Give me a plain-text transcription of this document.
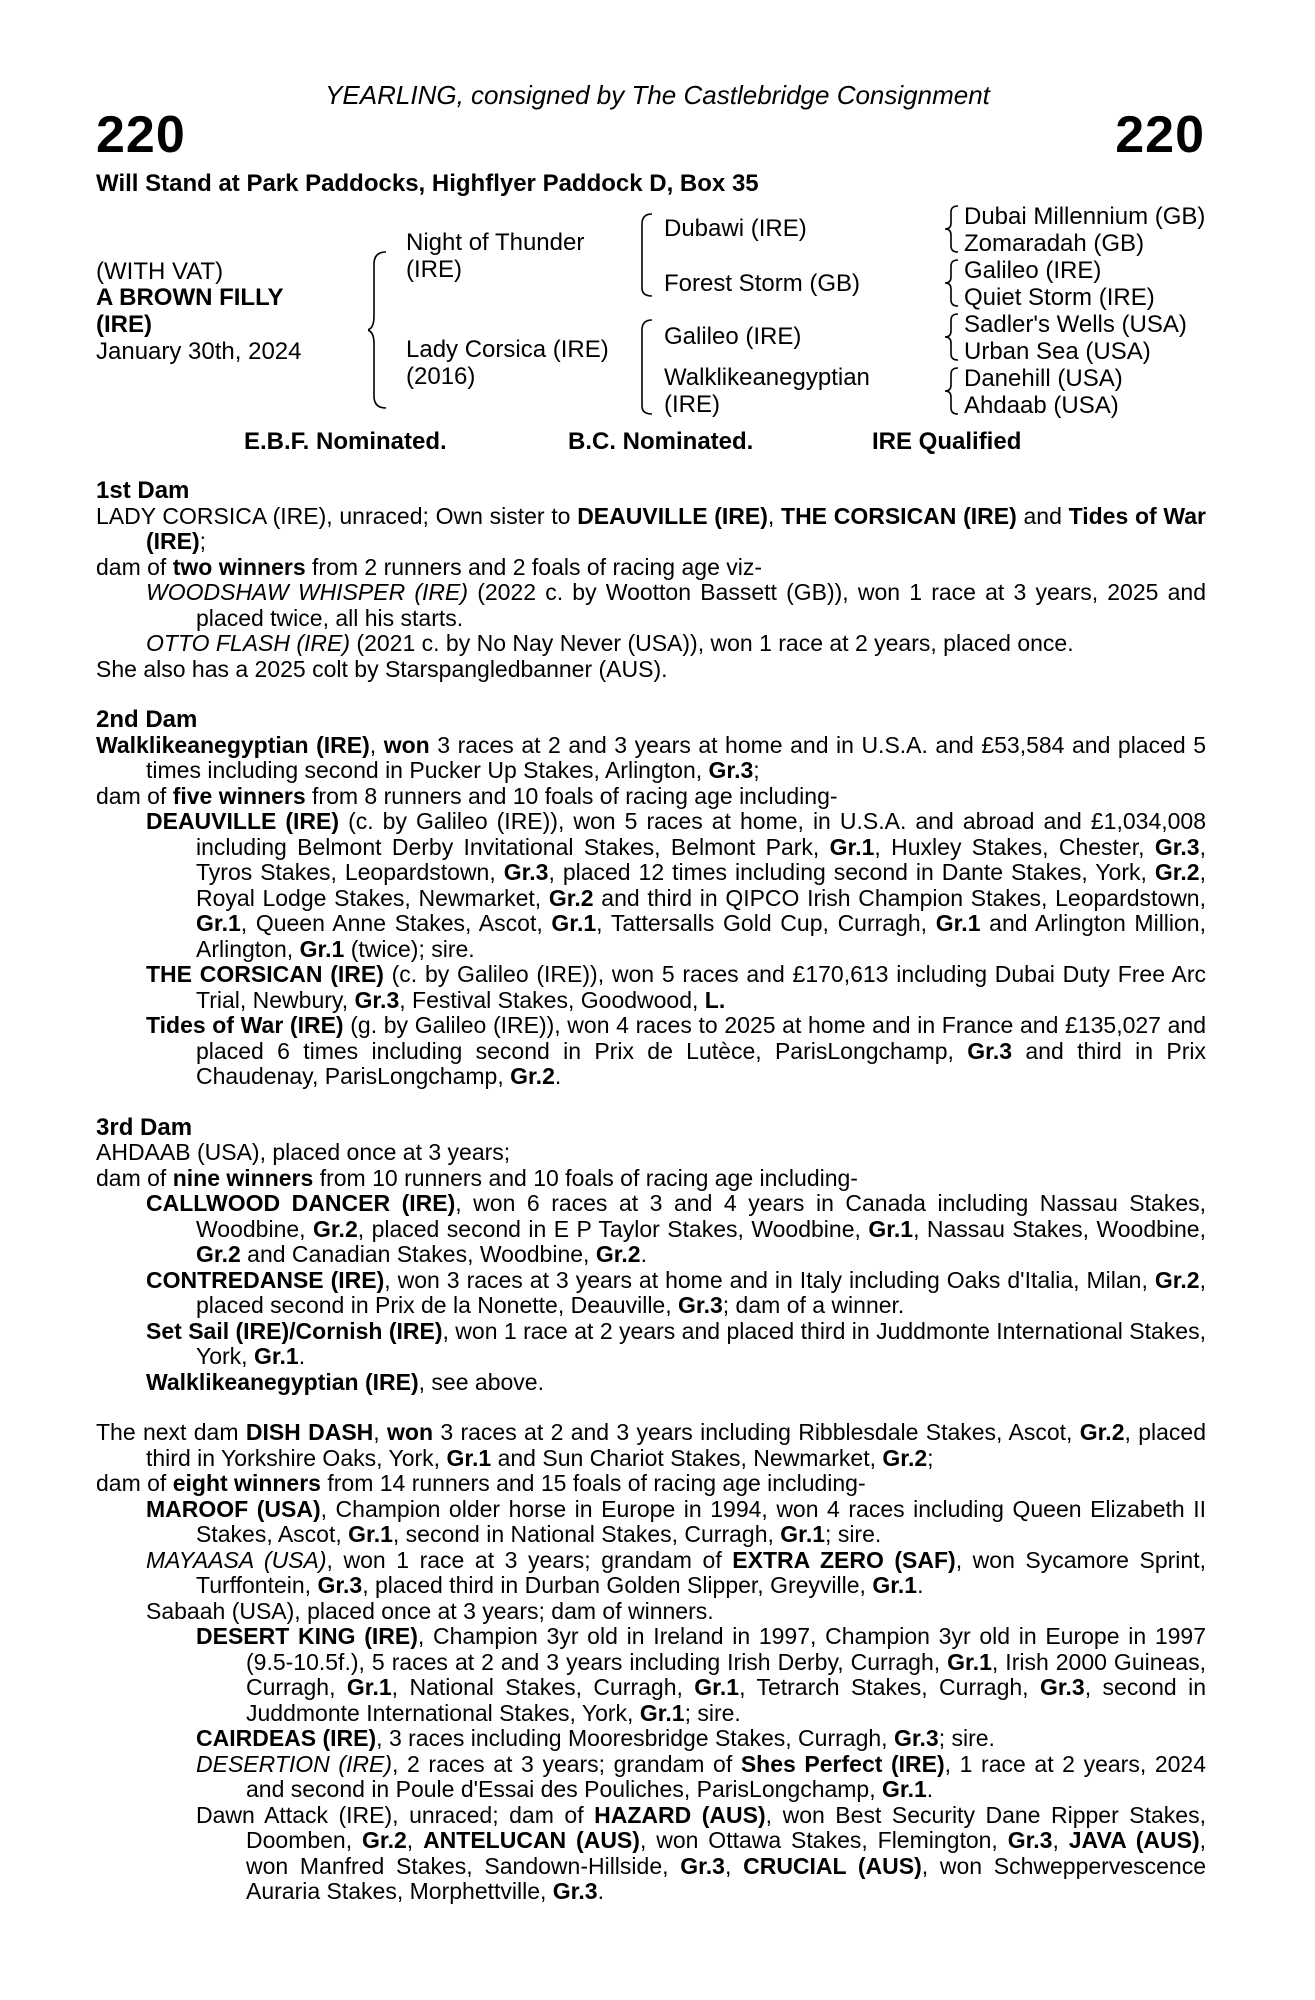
YEARLING, consigned by The Castlebridge Consignment
220	220
Will Stand at Park Paddocks, Highflyer Paddock D, Box 35
(WITH VAT)
A BROWN FILLY
(IRE)
January 30th, 2024
Night of Thunder
(IRE)
Lady Corsica (IRE)
(2016)
Dubawi (IRE)
Forest Storm (GB)
Galileo (IRE)
Walklikeanegyptian
(IRE)
Dubai Millennium (GB)
Zomaradah (GB)
Galileo (IRE)
Quiet Storm (IRE)
Sadler's Wells (USA)
Urban Sea (USA)
Danehill (USA)
Ahdaab (USA)
E.B.F. Nominated.	B.C. Nominated.	IRE Qualified
1st Dam

LADY CORSICA (IRE), unraced; Own sister to DEAUVILLE (IRE), THE CORSICAN (IRE) and Tides of War (IRE);

dam of two winners from 2 runners and 2 foals of racing age viz-

WOODSHAW WHISPER (IRE) (2022 c. by Wootton Bassett (GB)), won 1 race at 3 years, 2025 and placed twice, all his starts.

OTTO FLASH (IRE) (2021 c. by No Nay Never (USA)), won 1 race at 2 years, placed once.

She also has a 2025 colt by Starspangledbanner (AUS).

2nd Dam

Walklikeanegyptian (IRE), won 3 races at 2 and 3 years at home and in U.S.A. and £53,584 and placed 5 times including second in Pucker Up Stakes, Arlington, Gr.3;

dam of five winners from 8 runners and 10 foals of racing age including-

DEAUVILLE (IRE) (c. by Galileo (IRE)), won 5 races at home, in U.S.A. and abroad and £1,034,008 including Belmont Derby Invitational Stakes, Belmont Park, Gr.1, Huxley Stakes, Chester, Gr.3, Tyros Stakes, Leopardstown, Gr.3, placed 12 times including second in Dante Stakes, York, Gr.2, Royal Lodge Stakes, Newmarket, Gr.2 and third in QIPCO Irish Champion Stakes, Leopardstown, Gr.1, Queen Anne Stakes, Ascot, Gr.1, Tattersalls Gold Cup, Curragh, Gr.1 and Arlington Million, Arlington, Gr.1 (twice); sire.

THE CORSICAN (IRE) (c. by Galileo (IRE)), won 5 races and £170,613 including Dubai Duty Free Arc Trial, Newbury, Gr.3, Festival Stakes, Goodwood, L.

Tides of War (IRE) (g. by Galileo (IRE)), won 4 races to 2025 at home and in France and £135,027 and placed 6 times including second in Prix de Lutèce, ParisLongchamp, Gr.3 and third in Prix Chaudenay, ParisLongchamp, Gr.2.

3rd Dam

AHDAAB (USA), placed once at 3 years;

dam of nine winners from 10 runners and 10 foals of racing age including-

CALLWOOD DANCER (IRE), won 6 races at 3 and 4 years in Canada including Nassau Stakes, Woodbine, Gr.2, placed second in E P Taylor Stakes, Woodbine, Gr.1, Nassau Stakes, Woodbine, Gr.2 and Canadian Stakes, Woodbine, Gr.2.

CONTREDANSE (IRE), won 3 races at 3 years at home and in Italy including Oaks d'Italia, Milan, Gr.2, placed second in Prix de la Nonette, Deauville, Gr.3; dam of a winner.

Set Sail (IRE)/Cornish (IRE), won 1 race at 2 years and placed third in Juddmonte International Stakes, York, Gr.1.

Walklikeanegyptian (IRE), see above.

The next dam DISH DASH, won 3 races at 2 and 3 years including Ribblesdale Stakes, Ascot, Gr.2, placed third in Yorkshire Oaks, York, Gr.1 and Sun Chariot Stakes, Newmarket, Gr.2;

dam of eight winners from 14 runners and 15 foals of racing age including-

MAROOF (USA), Champion older horse in Europe in 1994, won 4 races including Queen Elizabeth II Stakes, Ascot, Gr.1, second in National Stakes, Curragh, Gr.1; sire.

MAYAASA (USA), won 1 race at 3 years; grandam of EXTRA ZERO (SAF), won Sycamore Sprint, Turffontein, Gr.3, placed third in Durban Golden Slipper, Greyville, Gr.1.

Sabaah (USA), placed once at 3 years; dam of winners.

DESERT KING (IRE), Champion 3yr old in Ireland in 1997, Champion 3yr old in Europe in 1997 (9.5-10.5f.), 5 races at 2 and 3 years including Irish Derby, Curragh, Gr.1, Irish 2000 Guineas, Curragh, Gr.1, National Stakes, Curragh, Gr.1, Tetrarch Stakes, Curragh, Gr.3, second in Juddmonte International Stakes, York, Gr.1; sire.

CAIRDEAS (IRE), 3 races including Mooresbridge Stakes, Curragh, Gr.3; sire.

DESERTION (IRE), 2 races at 3 years; grandam of Shes Perfect (IRE), 1 race at 2 years, 2024 and second in Poule d'Essai des Pouliches, ParisLongchamp, Gr.1.

Dawn Attack (IRE), unraced; dam of HAZARD (AUS), won Best Security Dane Ripper Stakes, Doomben, Gr.2, ANTELUCAN (AUS), won Ottawa Stakes, Flemington, Gr.3, JAVA (AUS), won Manfred Stakes, Sandown-Hillside, Gr.3, CRUCIAL (AUS), won Schweppervescence Auraria Stakes, Morphettville, Gr.3.
